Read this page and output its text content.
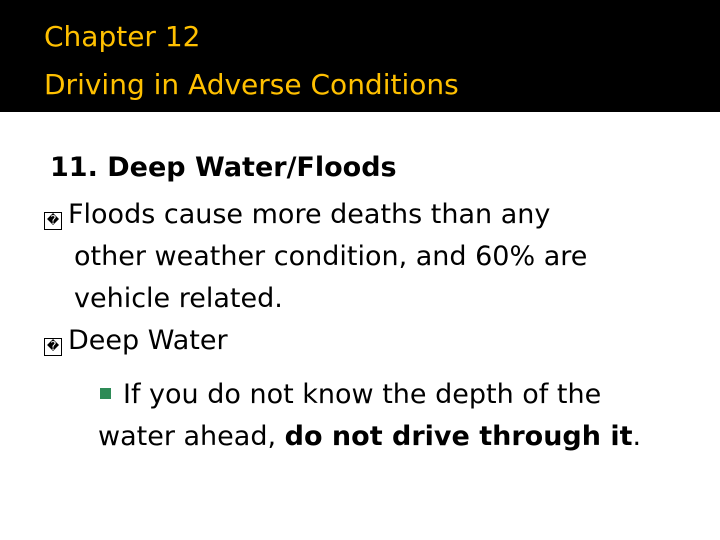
Chapter 12
Driving in Adverse Conditions
11. Deep Water/Floods
� Floods cause more deaths than any
other weather condition, and 60% are
vehicle related.
� Deep Water
If you do not know the depth of the
water ahead, do not drive through it.
